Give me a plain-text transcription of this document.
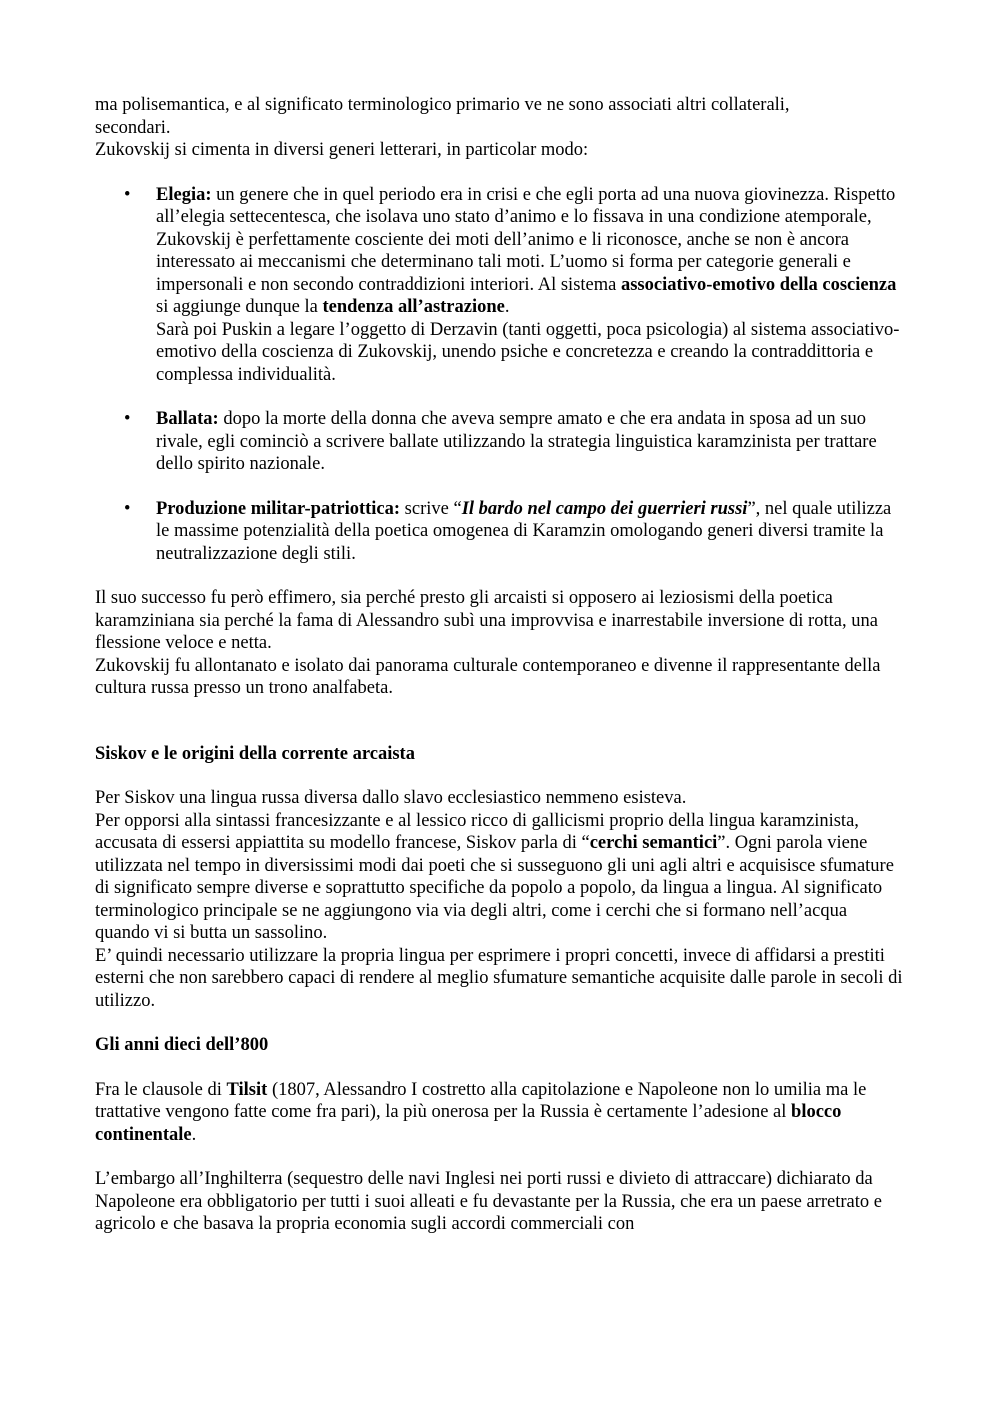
ma polisemantica, e al significato terminologico primario ve ne sono associati altri collaterali,

secondari.

Zukovskij si cimenta in diversi generi letterari, in particolar modo:

• Elegia: un genere che in quel periodo era in crisi e che egli porta ad una nuova giovinezza. Rispetto all’elegia settecentesca, che isolava uno stato d’animo e lo fissava in una condizione atemporale, Zukovskij è perfettamente cosciente dei moti dell’animo e li riconosce, anche se non è ancora interessato ai meccanismi che determinano tali moti. L’uomo si forma per categorie generali e impersonali e non secondo contraddizioni interiori. Al sistema associativo-emotivo della coscienza si aggiunge dunque la tendenza all’astrazione.

Sarà poi Puskin a legare l’oggetto di Derzavin (tanti oggetti, poca psicologia) al sistema associativo-emotivo della coscienza di Zukovskij, unendo psiche e concretezza e creando la contraddittoria e complessa individualità.

• Ballata: dopo la morte della donna che aveva sempre amato e che era andata in sposa ad un suo rivale, egli cominciò a scrivere ballate utilizzando la strategia linguistica karamzinista per trattare dello spirito nazionale.

• Produzione militar-patriottica: scrive “Il bardo nel campo dei guerrieri russi”, nel quale utilizza le massime potenzialità della poetica omogenea di Karamzin omologando generi diversi tramite la neutralizzazione degli stili.

Il suo successo fu però effimero, sia perché presto gli arcaisti si opposero ai leziosismi della poetica karamziniana sia perché la fama di Alessandro subì una improvvisa e inarrestabile inversione di rotta, una flessione veloce e netta.

Zukovskij fu allontanato e isolato dai panorama culturale contemporaneo e divenne il rappresentante della cultura russa presso un trono analfabeta.

Siskov e le origini della corrente arcaista

Per Siskov una lingua russa diversa dallo slavo ecclesiastico nemmeno esisteva.

Per opporsi alla sintassi francesizzante e al lessico ricco di gallicismi proprio della lingua karamzinista, accusata di essersi appiattita su modello francese, Siskov parla di “cerchi semantici”. Ogni parola viene utilizzata nel tempo in diversissimi modi dai poeti che si susseguono gli uni agli altri e acquisisce sfumature di significato sempre diverse e soprattutto specifiche da popolo a popolo, da lingua a lingua. Al significato terminologico principale se ne aggiungono via via degli altri, come i cerchi che si formano nell’acqua quando vi si butta un sassolino.

E’ quindi necessario utilizzare la propria lingua per esprimere i propri concetti, invece di affidarsi a prestiti esterni che non sarebbero capaci di rendere al meglio sfumature semantiche acquisite dalle parole in secoli di utilizzo.

Gli anni dieci dell’800

Fra le clausole di Tilsit (1807, Alessandro I costretto alla capitolazione e Napoleone non lo umilia ma le trattative vengono fatte come fra pari), la più onerosa per la Russia è certamente l’adesione al blocco continentale.

L’embargo all’Inghilterra (sequestro delle navi Inglesi nei porti russi e divieto di attraccare) dichiarato da Napoleone era obbligatorio per tutti i suoi alleati e fu devastante per la Russia, che era un paese arretrato e agricolo e che basava la propria economia sugli accordi commerciali con
